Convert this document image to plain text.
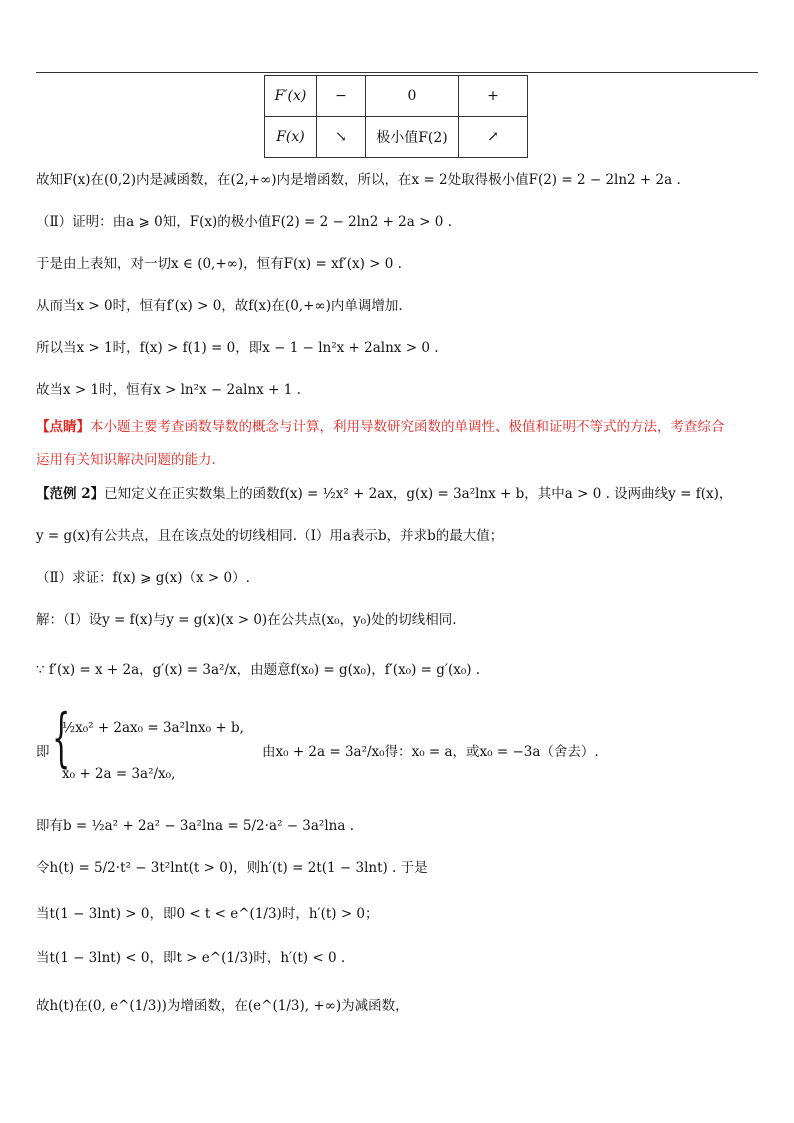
F′(x)	−	0	+
F(x)	↘	极小值F(2)	↗
故知F(x)在(0,2)内是减函数，在(2,+∞)内是增函数，所以，在x = 2处取得极小值F(2) = 2 − 2ln2 + 2a .
（Ⅱ）证明：由a ⩾ 0知，F(x)的极小值F(2) = 2 − 2ln2 + 2a > 0 .
于是由上表知，对一切x ∈ (0,+∞)，恒有F(x) = xf′(x) > 0 .
从而当x > 0时，恒有f′(x) > 0，故f(x)在(0,+∞)内单调增加.
所以当x > 1时，f(x) > f(1) = 0，即x − 1 − ln²x + 2alnx > 0 .
故当x > 1时，恒有x > ln²x − 2alnx + 1 .
【点睛】本小题主要考查函数导数的概念与计算，利用导数研究函数的单调性、极值和证明不等式的方法，考查综合
运用有关知识解决问题的能力.
【范例 2】已知定义在正实数集上的函数f(x) = ½x² + 2ax，g(x) = 3a²lnx + b，其中a > 0 . 设两曲线y = f(x)，
y = g(x)有公共点，且在该点处的切线相同.（Ⅰ）用a表示b，并求b的最大值；
（Ⅱ）求证：f(x) ⩾ g(x)（x > 0）.
解：（Ⅰ）设y = f(x)与y = g(x)(x > 0)在公共点(x₀，y₀)处的切线相同.
∵ f′(x) = x + 2a，g′(x) = 3a²/x，由题意f(x₀) = g(x₀)，f′(x₀) = g′(x₀) .
{
½x₀² + 2ax₀ = 3a²lnx₀ + b,
即
x₀ + 2a = 3a²/x₀,
由x₀ + 2a = 3a²/x₀得：x₀ = a，或x₀ = −3a（舍去）.
即有b = ½a² + 2a² − 3a²lna = 5/2·a² − 3a²lna .
令h(t) = 5/2·t² − 3t²lnt(t > 0)，则h′(t) = 2t(1 − 3lnt) . 于是
当t(1 − 3lnt) > 0，即0 < t < e^(1/3)时，h′(t) > 0；
当t(1 − 3lnt) < 0，即t > e^(1/3)时，h′(t) < 0 .
故h(t)在(0, e^(1/3))为增函数，在(e^(1/3), +∞)为减函数，
